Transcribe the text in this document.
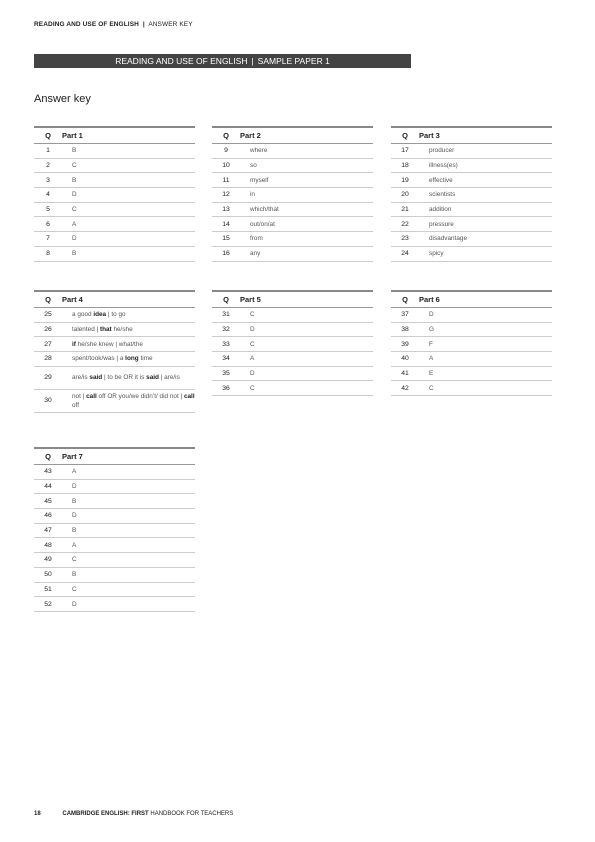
READING AND USE OF ENGLISH | ANSWER KEY
READING AND USE OF ENGLISH | SAMPLE PAPER 1
Answer key
Q	Part 1
1	B
2	C
3	B
4	D
5	C
6	A
7	D
8	B
Q	Part 2
9	where
10	so
11	myself
12	in
13	which/that
14	out/on/at
15	from
16	any
Q	Part 3
17	producer
18	illness(es)
19	effective
20	scientists
21	addition
22	pressure
23	disadvantage
24	spicy
Q	Part 4
25	a good idea | to go
26	talented | that he/she
27	if he/she knew | what/the
28	spent/took/was | a long time
29	are/is said | to be OR it is said | are/is
30	not | call off OR you/we didn’t/ did not | call off
Q	Part 5
31	C
32	D
33	C
34	A
35	D
36	C
Q	Part 6
37	D
38	G
39	F
40	A
41	E
42	C
Q	Part 7
43	A
44	D
45	B
46	D
47	B
48	A
49	C
50	B
51	C
52	D
18	CAMBRIDGE ENGLISH: FIRST HANDBOOK FOR TEACHERS
